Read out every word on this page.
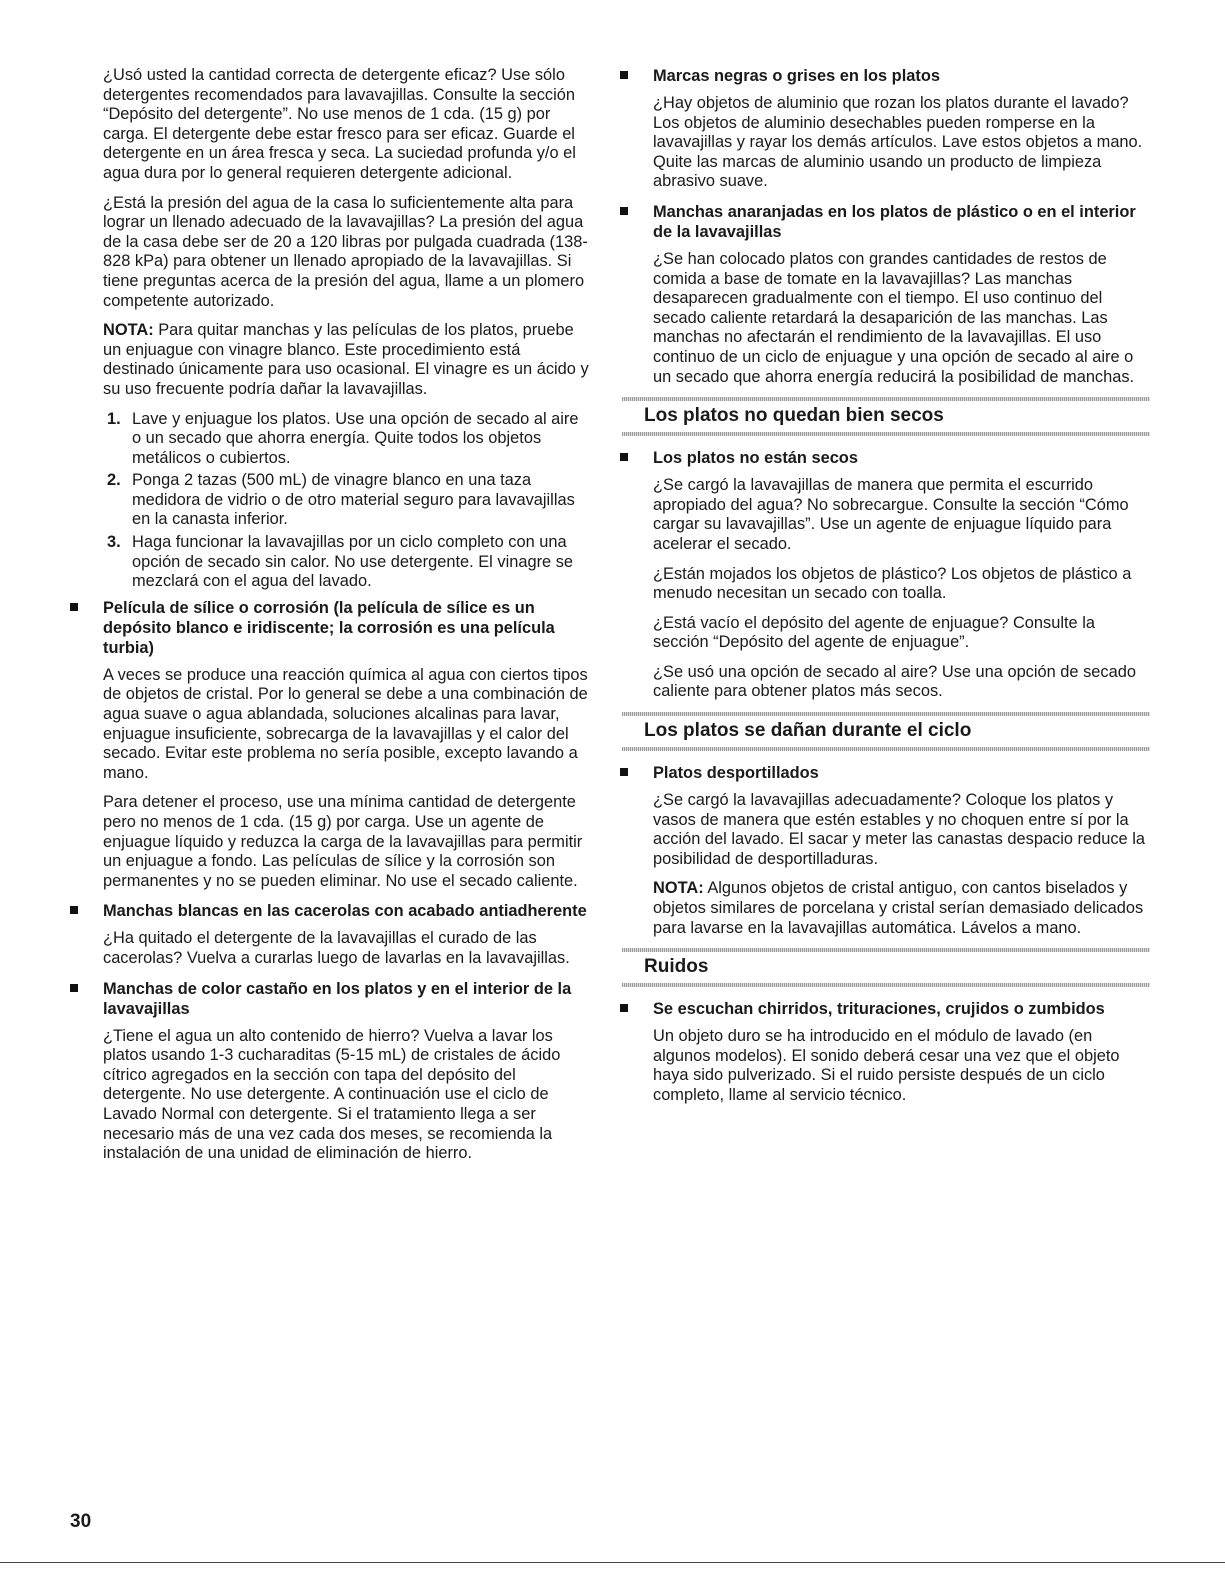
¿Usó usted la cantidad correcta de detergente eficaz? Use sólo detergentes recomendados para lavavajillas. Consulte la sección “Depósito del detergente”. No use menos de 1 cda. (15 g) por carga. El detergente debe estar fresco para ser eficaz. Guarde el detergente en un área fresca y seca. La suciedad profunda y/o el agua dura por lo general requieren detergente adicional.

¿Está la presión del agua de la casa lo suficientemente alta para lograr un llenado adecuado de la lavavajillas? La presión del agua de la casa debe ser de 20 a 120 libras por pulgada cuadrada (138-828 kPa) para obtener un llenado apropiado de la lavavajillas. Si tiene preguntas acerca de la presión del agua, llame a un plomero competente autorizado.

NOTA: Para quitar manchas y las películas de los platos, pruebe un enjuague con vinagre blanco. Este procedimiento está destinado únicamente para uso ocasional. El vinagre es un ácido y su uso frecuente podría dañar la lavavajillas.

1. Lave y enjuague los platos. Use una opción de secado al aire o un secado que ahorra energía. Quite todos los objetos metálicos o cubiertos.
2. Ponga 2 tazas (500 mL) de vinagre blanco en una taza medidora de vidrio o de otro material seguro para lavavajillas en la canasta inferior.
3. Haga funcionar la lavavajillas por un ciclo completo con una opción de secado sin calor. No use detergente. El vinagre se mezclará con el agua del lavado.
Película de sílice o corrosión (la película de sílice es un depósito blanco e iridiscente; la corrosión es una película turbia)

A veces se produce una reacción química al agua con ciertos tipos de objetos de cristal. Por lo general se debe a una combinación de agua suave o agua ablandada, soluciones alcalinas para lavar, enjuague insuficiente, sobrecarga de la lavavajillas y el calor del secado. Evitar este problema no sería posible, excepto lavando a mano.

Para detener el proceso, use una mínima cantidad de detergente pero no menos de 1 cda. (15 g) por carga. Use un agente de enjuague líquido y reduzca la carga de la lavavajillas para permitir un enjuague a fondo. Las películas de sílice y la corrosión son permanentes y no se pueden eliminar. No use el secado caliente.

Manchas blancas en las cacerolas con acabado antiadherente

¿Ha quitado el detergente de la lavavajillas el curado de las cacerolas? Vuelva a curarlas luego de lavarlas en la lavavajillas.

Manchas de color castaño en los platos y en el interior de la lavavajillas

¿Tiene el agua un alto contenido de hierro? Vuelva a lavar los platos usando 1-3 cucharaditas (5-15 mL) de cristales de ácido cítrico agregados en la sección con tapa del depósito del detergente. No use detergente. A continuación use el ciclo de Lavado Normal con detergente. Si el tratamiento llega a ser necesario más de una vez cada dos meses, se recomienda la instalación de una unidad de eliminación de hierro.

Marcas negras o grises en los platos

¿Hay objetos de aluminio que rozan los platos durante el lavado? Los objetos de aluminio desechables pueden romperse en la lavavajillas y rayar los demás artículos. Lave estos objetos a mano. Quite las marcas de aluminio usando un producto de limpieza abrasivo suave.

Manchas anaranjadas en los platos de plástico o en el interior de la lavavajillas

¿Se han colocado platos con grandes cantidades de restos de comida a base de tomate en la lavavajillas? Las manchas desaparecen gradualmente con el tiempo. El uso continuo del secado caliente retardará la desaparición de las manchas. Las manchas no afectarán el rendimiento de la lavavajillas. El uso continuo de un ciclo de enjuague y una opción de secado al aire o un secado que ahorra energía reducirá la posibilidad de manchas.

Los platos no quedan bien secos
Los platos no están secos

¿Se cargó la lavavajillas de manera que permita el escurrido apropiado del agua? No sobrecargue. Consulte la sección “Cómo cargar su lavavajillas”. Use un agente de enjuague líquido para acelerar el secado.

¿Están mojados los objetos de plástico? Los objetos de plástico a menudo necesitan un secado con toalla.

¿Está vacío el depósito del agente de enjuague? Consulte la sección “Depósito del agente de enjuague”.

¿Se usó una opción de secado al aire? Use una opción de secado caliente para obtener platos más secos.

Los platos se dañan durante el ciclo
Platos desportillados

¿Se cargó la lavavajillas adecuadamente? Coloque los platos y vasos de manera que estén estables y no choquen entre sí por la acción del lavado. El sacar y meter las canastas despacio reduce la posibilidad de desportilladuras.

NOTA: Algunos objetos de cristal antiguo, con cantos biselados y objetos similares de porcelana y cristal serían demasiado delicados para lavarse en la lavavajillas automática. Lávelos a mano.

Ruidos
Se escuchan chirridos, trituraciones, crujidos o zumbidos

Un objeto duro se ha introducido en el módulo de lavado (en algunos modelos). El sonido deberá cesar una vez que el objeto haya sido pulverizado. Si el ruido persiste después de un ciclo completo, llame al servicio técnico.

30
